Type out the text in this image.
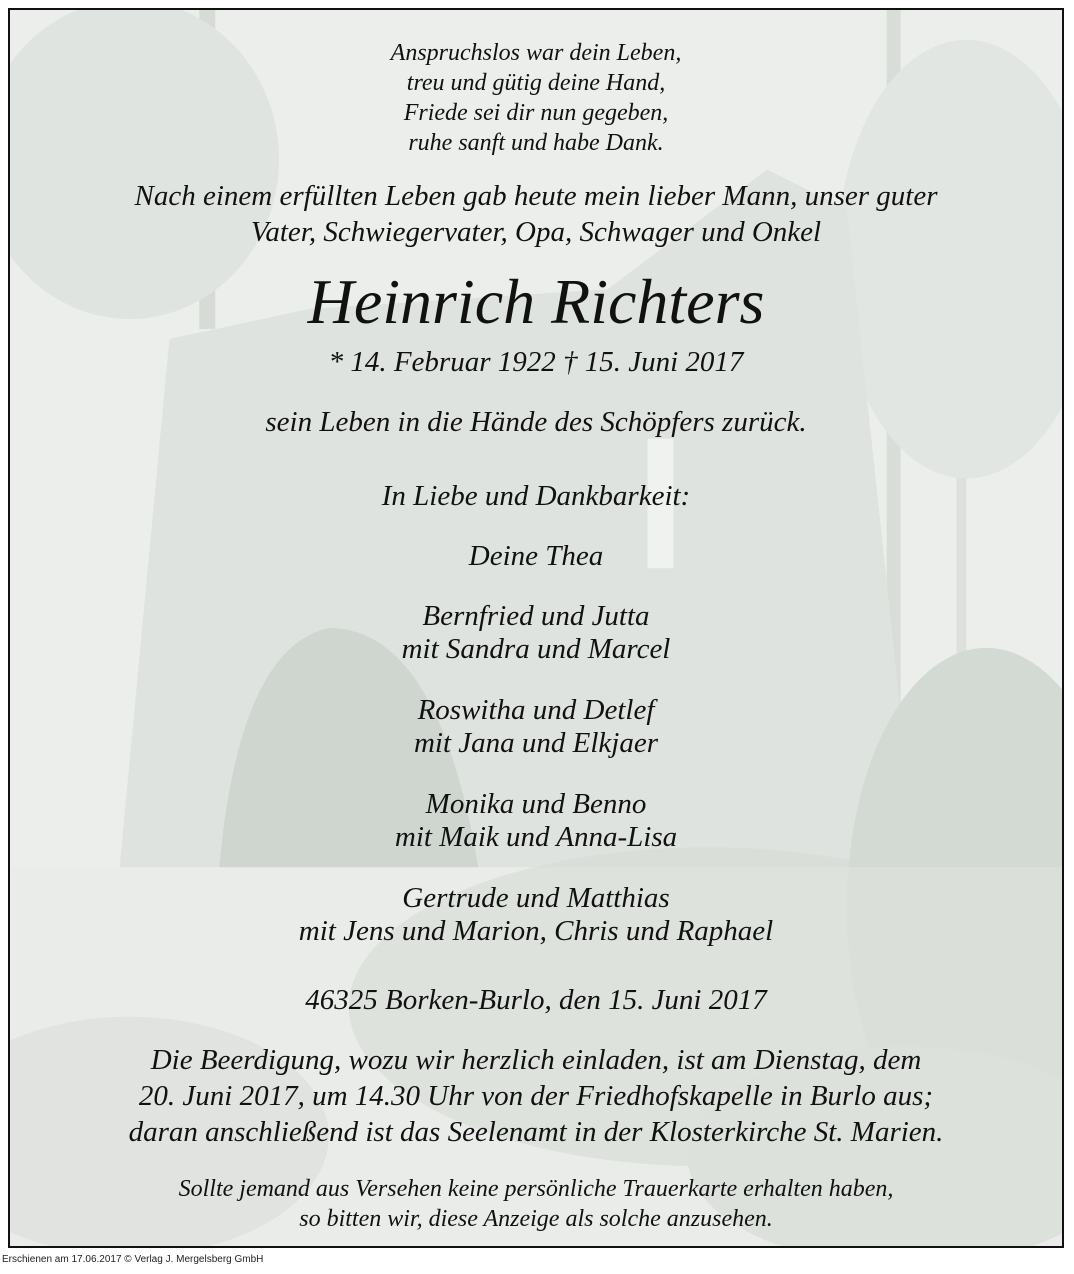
Anspruchslos war dein Leben,
treu und gütig deine Hand,
Friede sei dir nun gegeben,
ruhe sanft und habe Dank.
Nach einem erfüllten Leben gab heute mein lieber Mann, unser guter
Vater, Schwiegervater, Opa, Schwager und Onkel
Heinrich Richters
* 14. Februar 1922 † 15. Juni 2017
sein Leben in die Hände des Schöpfers zurück.
In Liebe und Dankbarkeit:
Deine Thea
Bernfried und Jutta
mit Sandra und Marcel
Roswitha und Detlef
mit Jana und Elkjaer
Monika und Benno
mit Maik und Anna-Lisa
Gertrude und Matthias
mit Jens und Marion, Chris und Raphael
46325 Borken-Burlo, den 15. Juni 2017
Die Beerdigung, wozu wir herzlich einladen, ist am Dienstag, dem
20. Juni 2017, um 14.30 Uhr von der Friedhofskapelle in Burlo aus;
daran anschließend ist das Seelenamt in der Klosterkirche St. Marien.
Sollte jemand aus Versehen keine persönliche Trauerkarte erhalten haben,
so bitten wir, diese Anzeige als solche anzusehen.
Erschienen am 17.06.2017 © Verlag J. Mergelsberg GmbH
